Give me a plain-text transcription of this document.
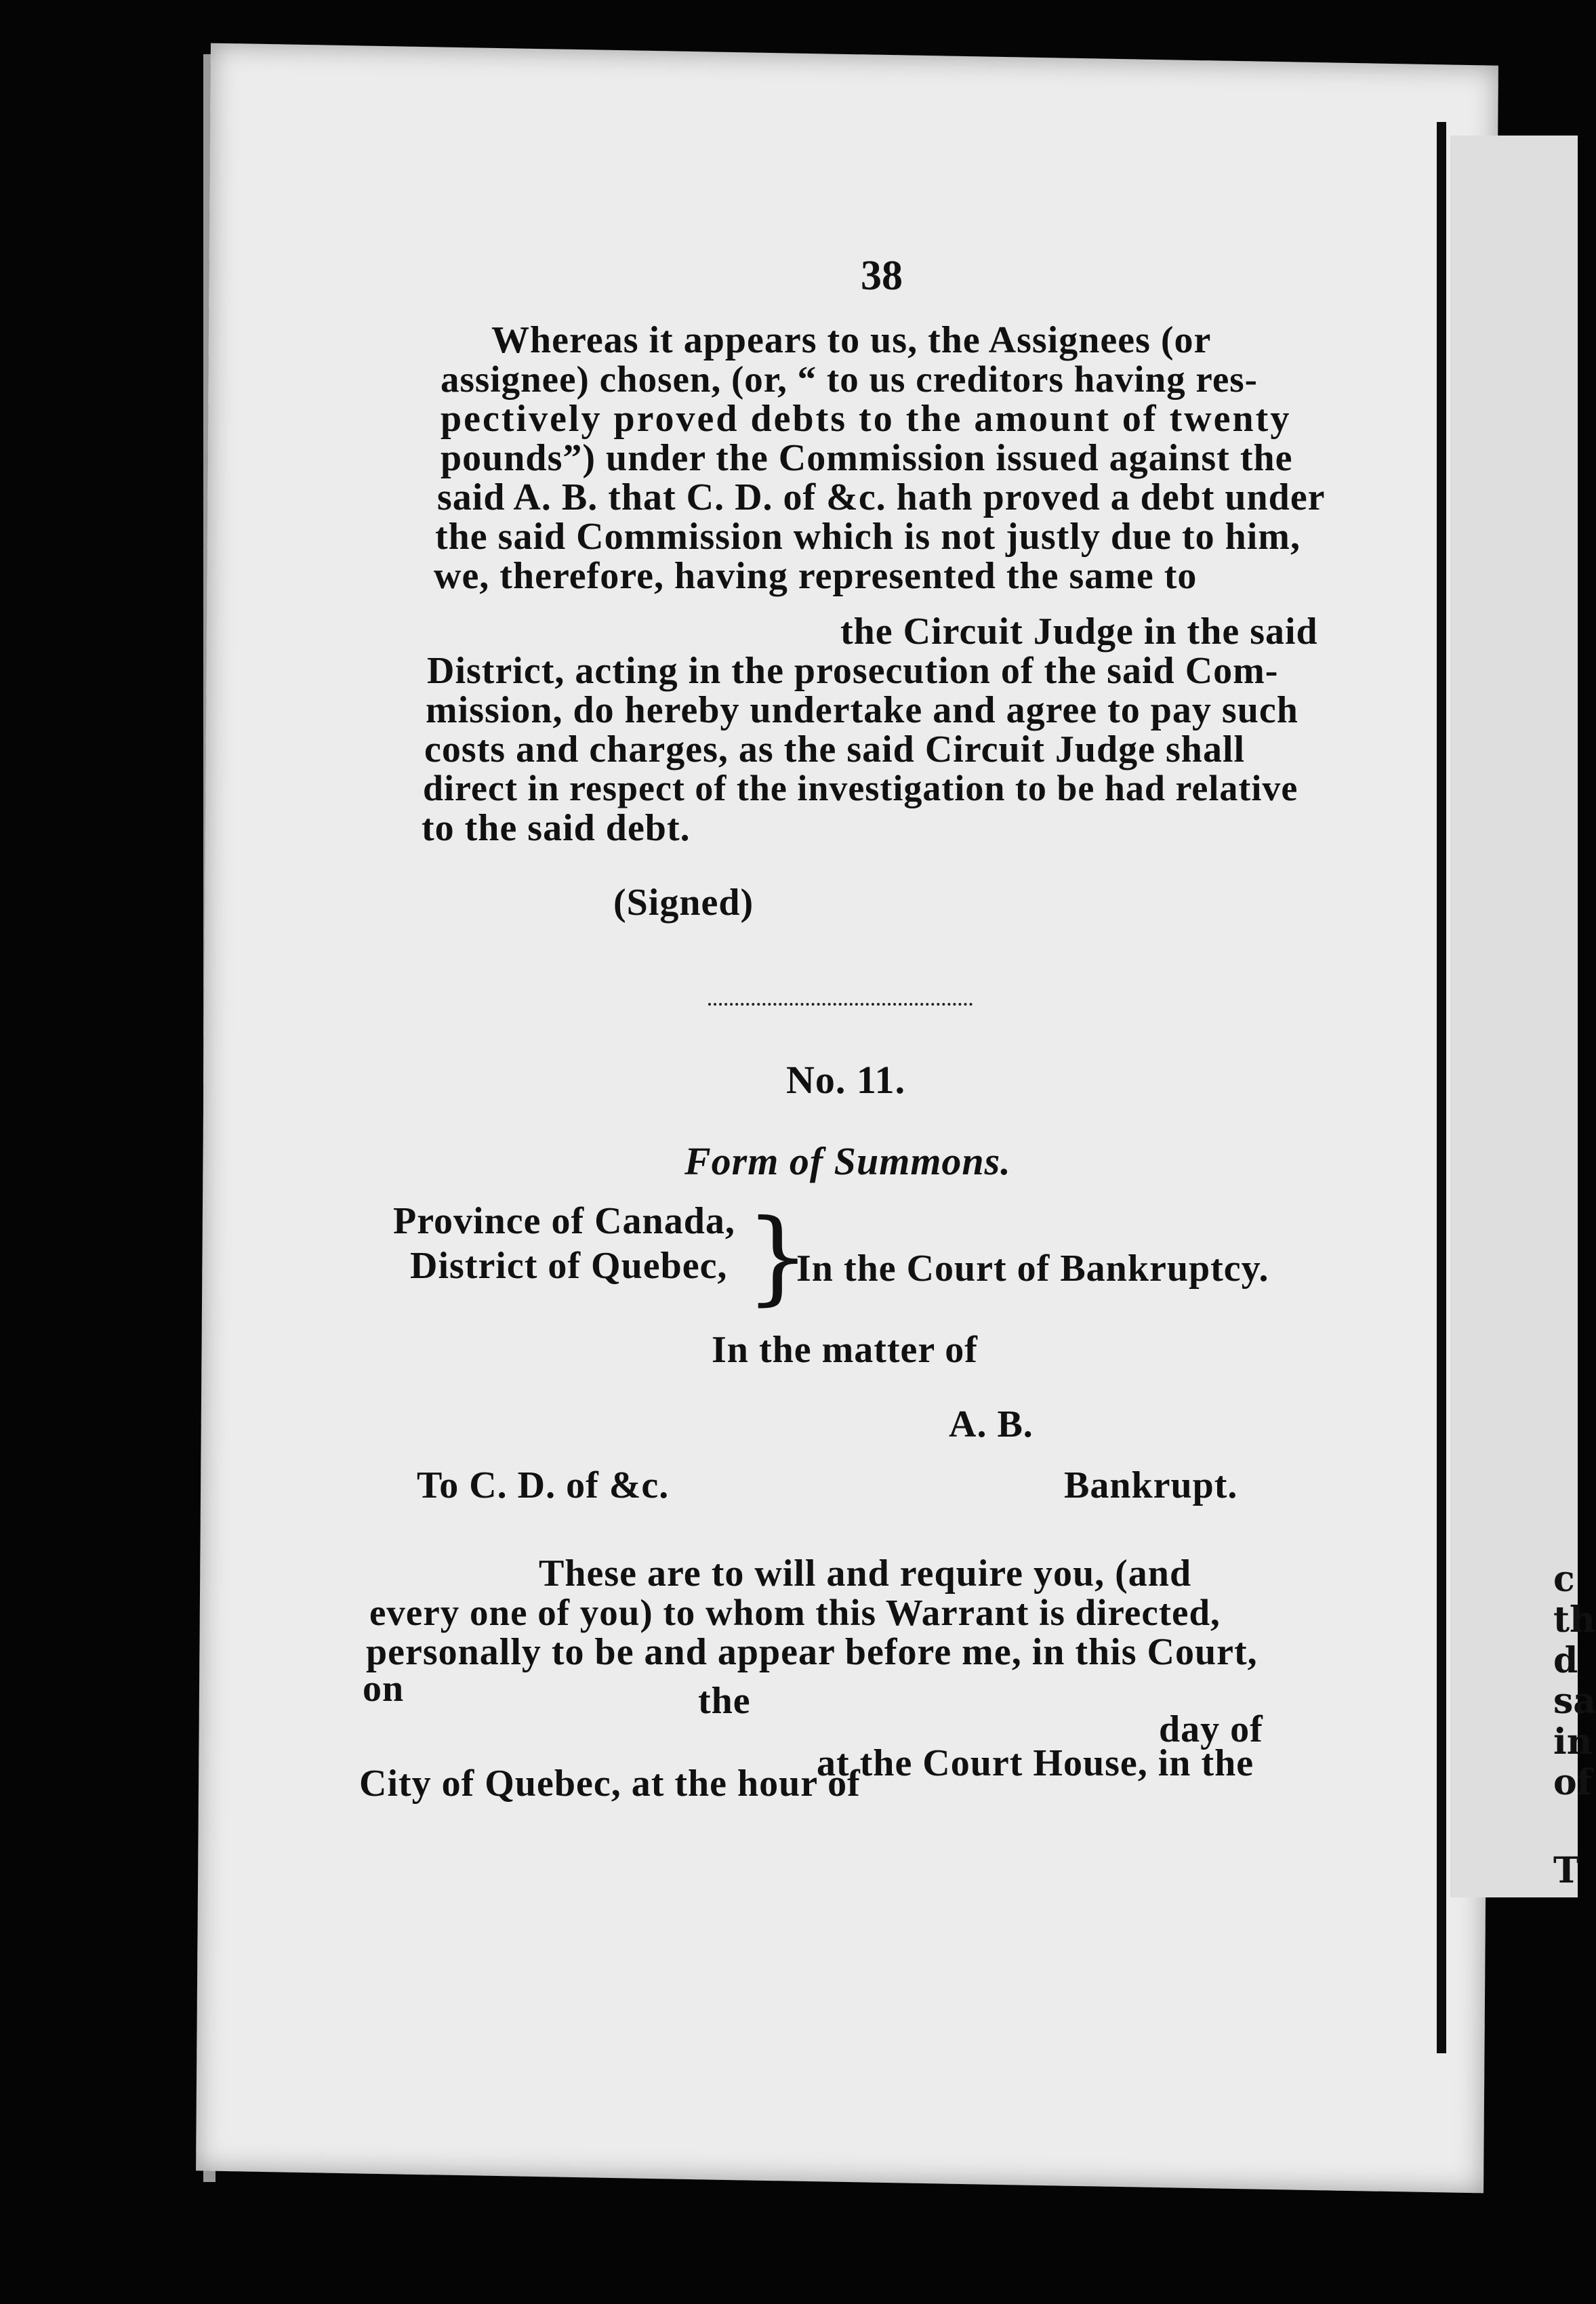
38
Whereas it appears to us, the Assignees (or
assignee) chosen, (or, “ to us creditors having res-
pectively proved debts to the amount of twenty
pounds”) under the Commission issued against the
said A. B. that C. D. of &c. hath proved a debt under
the said Commission which is not justly due to him,
we, therefore, having represented the same to
the Circuit Judge in the said
District, acting in the prosecution of the said Com-
mission, do hereby undertake and agree to pay such
costs and charges, as the said Circuit Judge shall
direct in respect of the investigation to be had relative
to the said debt.
(Signed)
No. 11.
Form of Summons.
Province of Canada,
District of Quebec, }
In the Court of Bankruptcy.
In the matter of
A. B.
To C. D. of &c.	Bankrupt.
These are to will and require you, (and
every one of you) to whom this Warrant is directed,
personally to be and appear before me, in this Court,
on	the
day of
at the Court House, in the
City of Quebec, at the hour of
c
th
d
sa
in
of
T
